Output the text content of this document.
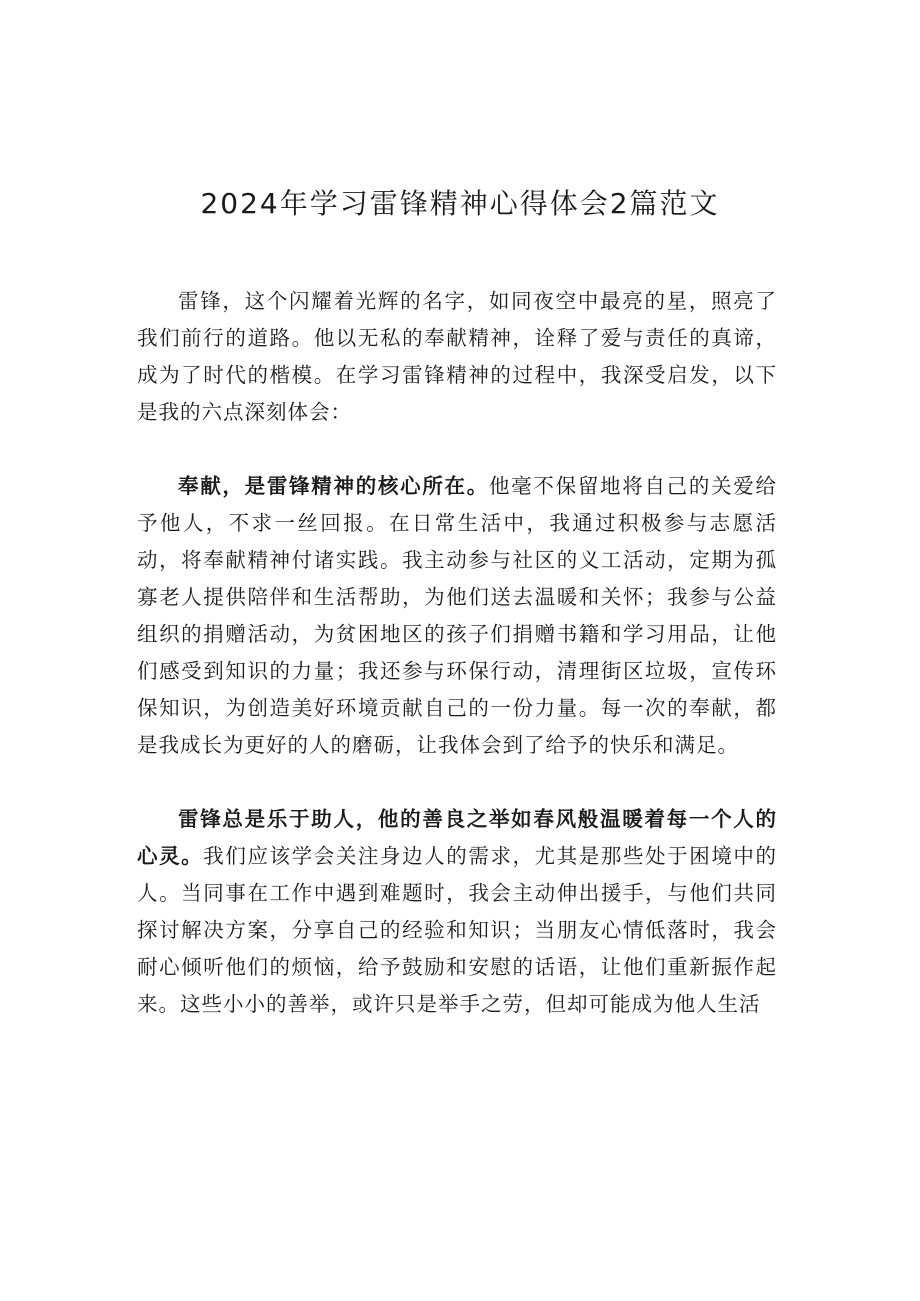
2024年学习雷锋精神心得体会2篇范文

雷锋，这个闪耀着光辉的名字，如同夜空中最亮的星，照亮了我们前行的道路。他以无私的奉献精神，诠释了爱与责任的真谛，成为了时代的楷模。在学习雷锋精神的过程中，我深受启发，以下是我的六点深刻体会：

奉献，是雷锋精神的核心所在。他毫不保留地将自己的关爱给予他人，不求一丝回报。在日常生活中，我通过积极参与志愿活动，将奉献精神付诸实践。我主动参与社区的义工活动，定期为孤寡老人提供陪伴和生活帮助，为他们送去温暖和关怀；我参与公益组织的捐赠活动，为贫困地区的孩子们捐赠书籍和学习用品，让他们感受到知识的力量；我还参与环保行动，清理街区垃圾，宣传环保知识，为创造美好环境贡献自己的一份力量。每一次的奉献，都是我成长为更好的人的磨砺，让我体会到了给予的快乐和满足。

雷锋总是乐于助人，他的善良之举如春风般温暖着每一个人的心灵。我们应该学会关注身边人的需求，尤其是那些处于困境中的人。当同事在工作中遇到难题时，我会主动伸出援手，与他们共同探讨解决方案，分享自己的经验和知识；当朋友心情低落时，我会耐心倾听他们的烦恼，给予鼓励和安慰的话语，让他们重新振作起来。这些小小的善举，或许只是举手之劳，但却可能成为他人生活
